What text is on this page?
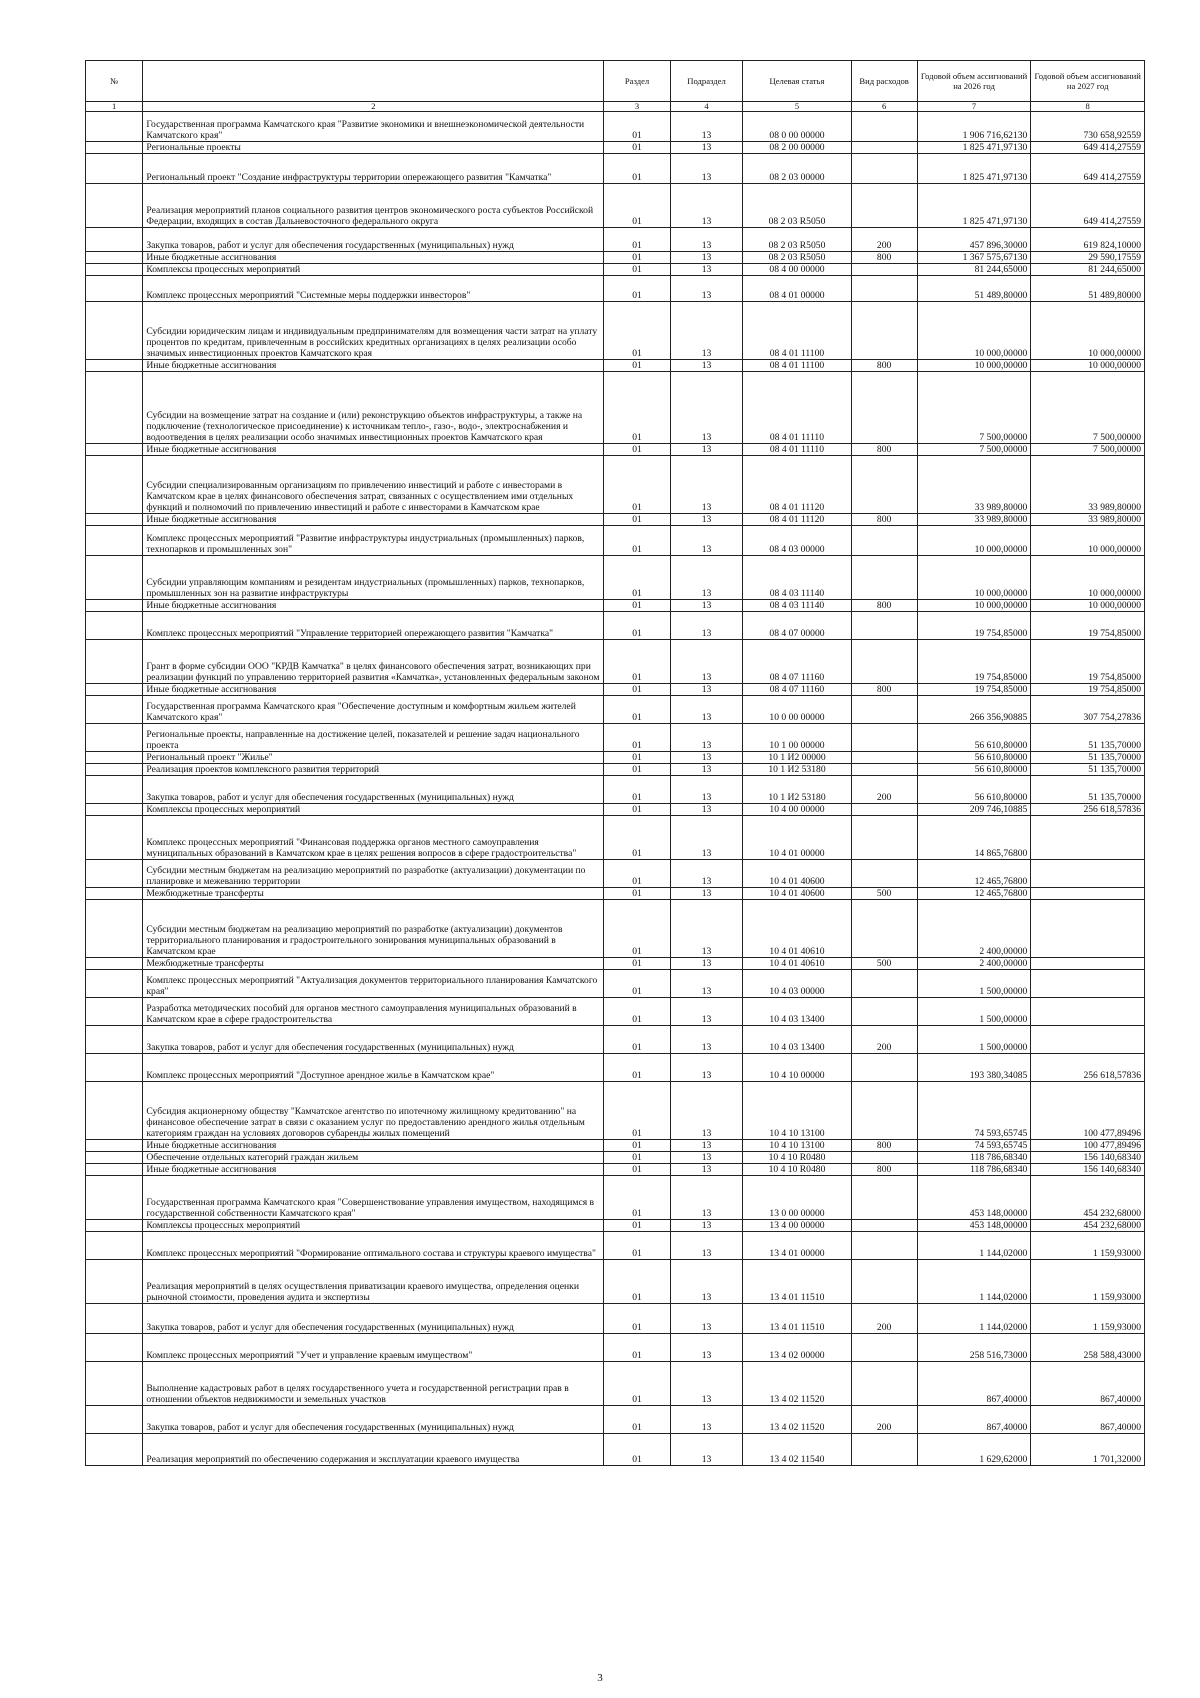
№		Раздел	Подраздел	Целевая статья	Вид расходов	Годовой объем ассигнований на 2026 год	Годовой объем ассигнований на 2027 год
1	2	3	4	5	6	7	8
	Государственная программа Камчатского края "Развитие экономики и внешнеэкономической деятельности Камчатского края"	01	13	08 0 00 00000		1 906 716,62130	730 658,92559
	Региональные проекты	01	13	08 2 00 00000		1 825 471,97130	649 414,27559
	Региональный проект "Создание инфраструктуры территории опережающего развития "Камчатка"	01	13	08 2 03 00000		1 825 471,97130	649 414,27559
	Реализация мероприятий планов социального развития центров экономического роста субъектов Российской Федерации, входящих в состав Дальневосточного федерального округа	01	13	08 2 03 R5050		1 825 471,97130	649 414,27559
	Закупка товаров, работ и услуг для обеспечения государственных (муниципальных) нужд	01	13	08 2 03 R5050	200	457 896,30000	619 824,10000
	Иные бюджетные ассигнования	01	13	08 2 03 R5050	800	1 367 575,67130	29 590,17559
	Комплексы процессных мероприятий	01	13	08 4 00 00000		81 244,65000	81 244,65000
	Комплекс процессных мероприятий "Системные меры поддержки инвесторов"	01	13	08 4 01 00000		51 489,80000	51 489,80000
	Субсидии юридическим лицам и индивидуальным предпринимателям для возмещения части затрат на уплату процентов по кредитам, привлеченным в российских кредитных организациях в целях реализации особо значимых инвестиционных проектов Камчатского края	01	13	08 4 01 11100		10 000,00000	10 000,00000
	Иные бюджетные ассигнования	01	13	08 4 01 11100	800	10 000,00000	10 000,00000
	Субсидии на возмещение затрат на создание и (или) реконструкцию объектов инфраструктуры, а также на подключение (технологическое присоединение) к источникам тепло-, газо-, водо-, электроснабжения и водоотведения в целях реализации особо значимых инвестиционных проектов Камчатского края	01	13	08 4 01 11110		7 500,00000	7 500,00000
	Иные бюджетные ассигнования	01	13	08 4 01 11110	800	7 500,00000	7 500,00000
	Субсидии специализированным организациям по привлечению инвестиций и работе с инвесторами в Камчатском крае в целях финансового обеспечения затрат, связанных с осуществлением ими отдельных функций и полномочий по привлечению инвестиций и работе с инвесторами в Камчатском крае	01	13	08 4 01 11120		33 989,80000	33 989,80000
	Иные бюджетные ассигнования	01	13	08 4 01 11120	800	33 989,80000	33 989,80000
	Комплекс процессных мероприятий "Развитие инфраструктуры индустриальных (промышленных) парков, технопарков и промышленных зон"	01	13	08 4 03 00000		10 000,00000	10 000,00000
	Субсидии управляющим компаниям и резидентам индустриальных (промышленных) парков, технопарков, промышленных зон на развитие инфраструктуры	01	13	08 4 03 11140		10 000,00000	10 000,00000
	Иные бюджетные ассигнования	01	13	08 4 03 11140	800	10 000,00000	10 000,00000
	Комплекс процессных мероприятий "Управление территорией опережающего развития "Камчатка"	01	13	08 4 07 00000		19 754,85000	19 754,85000
	Грант в форме субсидии ООО "КРДВ Камчатка" в целях финансового обеспечения затрат, возникающих при реализации функций по управлению территорией развития «Камчатка», установленных федеральным законом	01	13	08 4 07 11160		19 754,85000	19 754,85000
	Иные бюджетные ассигнования	01	13	08 4 07 11160	800	19 754,85000	19 754,85000
	Государственная программа Камчатского края "Обеспечение доступным и комфортным жильем жителей Камчатского края"	01	13	10 0 00 00000		266 356,90885	307 754,27836
	Региональные проекты, направленные на достижение целей, показателей и решение задач национального проекта	01	13	10 1 00 00000		56 610,80000	51 135,70000
	Региональный проект "Жилье"	01	13	10 1 И2 00000		56 610,80000	51 135,70000
	Реализация проектов комплексного развития территорий	01	13	10 1 И2 53180		56 610,80000	51 135,70000
	Закупка товаров, работ и услуг для обеспечения государственных (муниципальных) нужд	01	13	10 1 И2 53180	200	56 610,80000	51 135,70000
	Комплексы процессных мероприятий	01	13	10 4 00 00000		209 746,10885	256 618,57836
	Комплекс процессных мероприятий "Финансовая поддержка органов местного самоуправления муниципальных образований в Камчатском крае в целях решения вопросов в сфере градостроительства"	01	13	10 4 01 00000		14 865,76800	
	Субсидии местным бюджетам на реализацию мероприятий по разработке (актуализации) документации по планировке и межеванию территории	01	13	10 4 01 40600		12 465,76800	
	Межбюджетные трансферты	01	13	10 4 01 40600	500	12 465,76800	
	Субсидии местным бюджетам на реализацию мероприятий по разработке (актуализации) документов территориального планирования и градостроительного зонирования муниципальных образований в Камчатском крае	01	13	10 4 01 40610		2 400,00000	
	Межбюджетные трансферты	01	13	10 4 01 40610	500	2 400,00000	
	Комплекс процессных мероприятий "Актуализация документов территориального планирования Камчатского края"	01	13	10 4 03 00000		1 500,00000	
	Разработка методических пособий для органов местного самоуправления муниципальных образований в Камчатском крае в сфере градостроительства	01	13	10 4 03 13400		1 500,00000	
	Закупка товаров, работ и услуг для обеспечения государственных (муниципальных) нужд	01	13	10 4 03 13400	200	1 500,00000	
	Комплекс процессных мероприятий "Доступное арендное жилье в Камчатском крае"	01	13	10 4 10 00000		193 380,34085	256 618,57836
	Субсидия акционерному обществу "Камчатское агентство по ипотечному жилищному кредитованию" на финансовое обеспечение затрат в связи с оказанием услуг по предоставлению арендного жилья отдельным категориям граждан на условиях договоров субаренды жилых помещений	01	13	10 4 10 13100		74 593,65745	100 477,89496
	Иные бюджетные ассигнования	01	13	10 4 10 13100	800	74 593,65745	100 477,89496
	Обеспечение отдельных категорий граждан жильем	01	13	10 4 10 R0480		118 786,68340	156 140,68340
	Иные бюджетные ассигнования	01	13	10 4 10 R0480	800	118 786,68340	156 140,68340
	Государственная программа Камчатского края "Совершенствование управления имуществом, находящимся в государственной собственности Камчатского края"	01	13	13 0 00 00000		453 148,00000	454 232,68000
	Комплексы процессных мероприятий	01	13	13 4 00 00000		453 148,00000	454 232,68000
	Комплекс процессных мероприятий "Формирование оптимального состава и структуры краевого имущества"	01	13	13 4 01 00000		1 144,02000	1 159,93000
	Реализация мероприятий в целях осуществления приватизации краевого имущества, определения оценки рыночной стоимости, проведения аудита и экспертизы	01	13	13 4 01 11510		1 144,02000	1 159,93000
	Закупка товаров, работ и услуг для обеспечения государственных (муниципальных) нужд	01	13	13 4 01 11510	200	1 144,02000	1 159,93000
	Комплекс процессных мероприятий "Учет и управление краевым имуществом"	01	13	13 4 02 00000		258 516,73000	258 588,43000
	Выполнение кадастровых работ в целях государственного учета и государственной регистрации прав в отношении объектов недвижимости и земельных участков	01	13	13 4 02 11520		867,40000	867,40000
	Закупка товаров, работ и услуг для обеспечения государственных (муниципальных) нужд	01	13	13 4 02 11520	200	867,40000	867,40000
	Реализация мероприятий по обеспечению содержания и эксплуатации краевого имущества	01	13	13 4 02 11540		1 629,62000	1 701,32000
3
